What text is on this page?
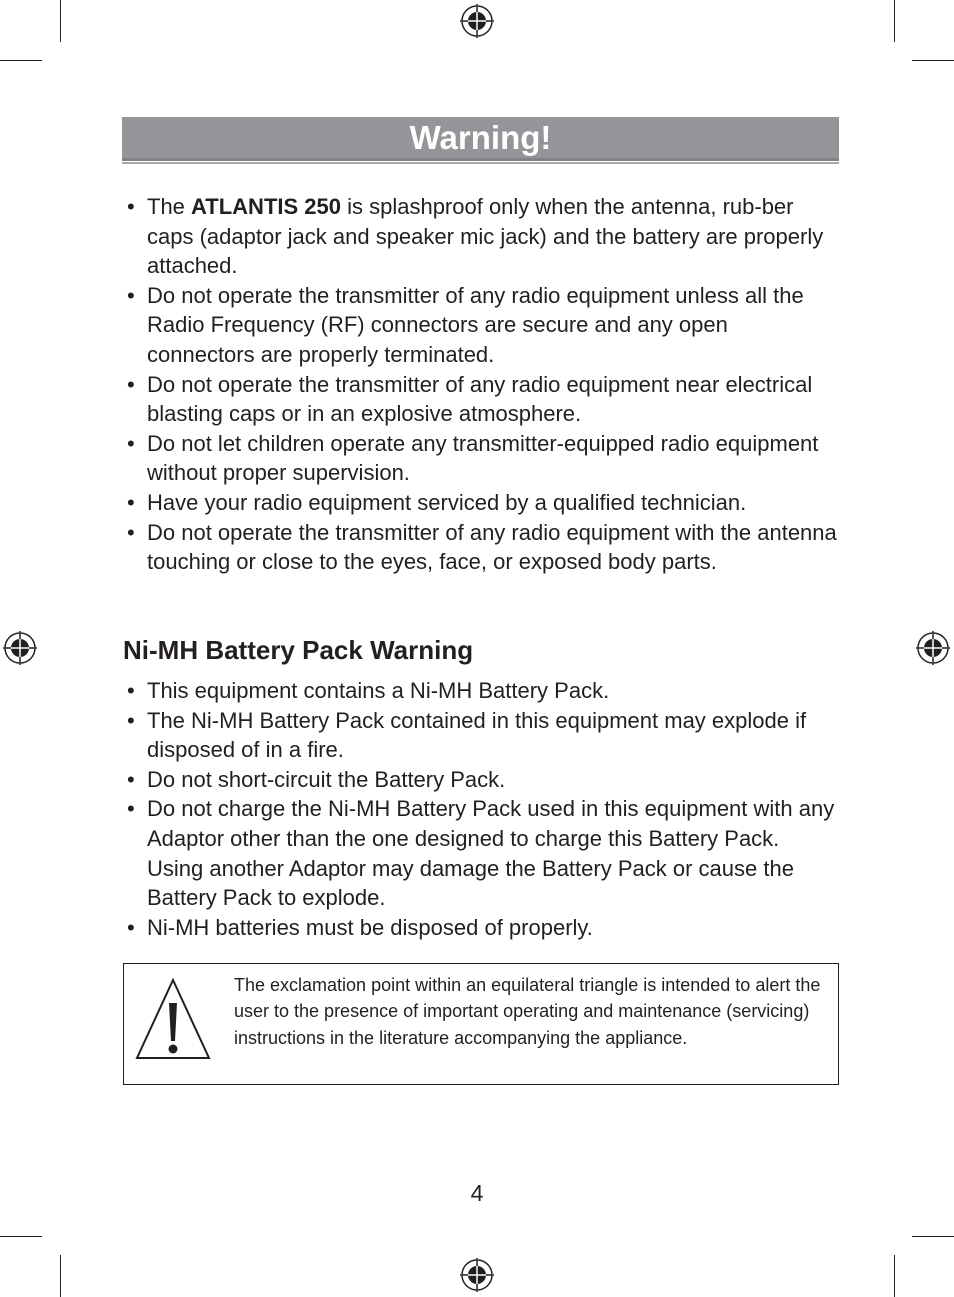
Warning!
• The ATLANTIS 250 is splashproof only when the antenna, rub-ber caps (adaptor jack and speaker mic jack) and the battery are properly attached.
• Do not operate the transmitter of any radio equipment unless all the Radio Frequency (RF) connectors are secure and any open connectors are properly terminated.
• Do not operate the transmitter of any radio equipment near electrical blasting caps or in an explosive atmosphere.
• Do not let children operate any transmitter-equipped radio equipment without proper supervision.
• Have your radio equipment serviced by a qualified technician.
• Do not operate the transmitter of any radio equipment with the antenna touching or close to the eyes, face, or exposed body parts.
Ni-MH Battery Pack Warning
• This equipment contains a Ni-MH Battery Pack.
• The Ni-MH Battery Pack contained in this equipment may explode if disposed of in a fire.
• Do not short-circuit the Battery Pack.
• Do not charge the Ni-MH Battery Pack used in this equipment with any Adaptor other than the one designed to charge this Battery Pack. Using another Adaptor may damage the Battery Pack or cause the Battery Pack to explode.
• Ni-MH batteries must be disposed of properly.

The exclamation point within an equilateral triangle is intended to alert the user to the presence of important operating and maintenance (servicing) instructions in the literature accompanying the appliance.

4
